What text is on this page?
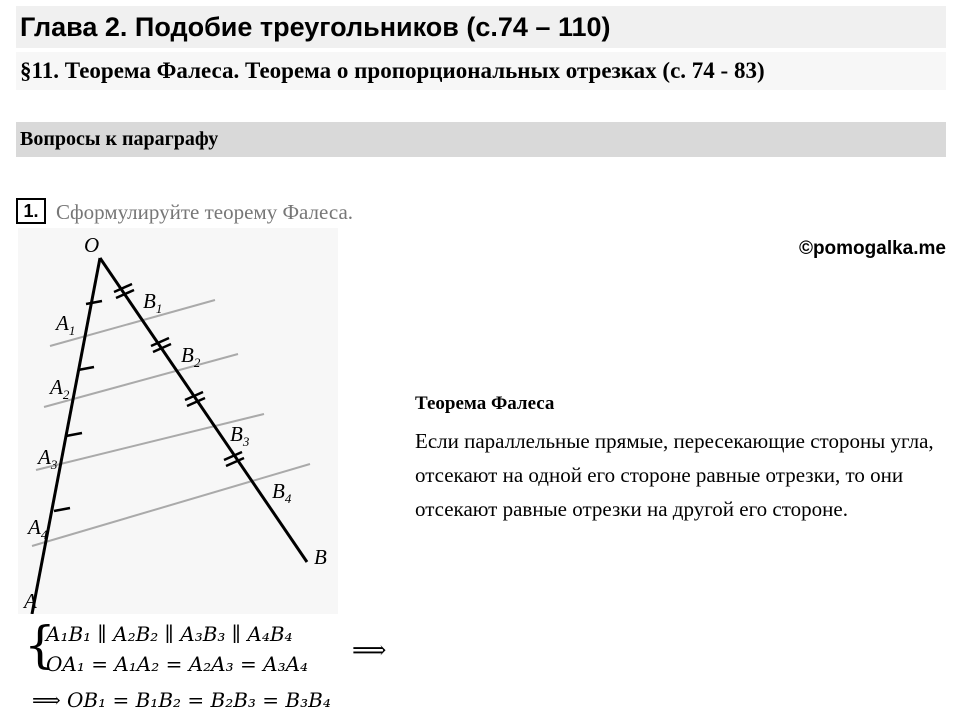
Глава 2. Подобие треугольников (с.74 – 110)
§11. Теорема Фалеса. Теорема о пропорциональных отрезках (с. 74 - 83)
Вопросы к параграфу
1. Сформулируйте теорему Фалеса.
©pomogalka.me
O
$A_1$
$A_2$
$A_3$
$A_4$
$B_1$
$B_2$
$B_3$
$B_4$
B
A
Теорема Фалеса
Если параллельные прямые, пересекающие стороны угла, отсекают на одной его стороне равные отрезки, то они отсекают равные отрезки на другой его стороне.
{
A₁B₁ ∥ A₂B₂ ∥ A₃B₃ ∥ A₄B₄
OA₁ = A₁A₂ = A₂A₃ = A₃A₄ ⟹
⟹ OB₁ = B₁B₂ = B₂B₃ = B₃B₄
